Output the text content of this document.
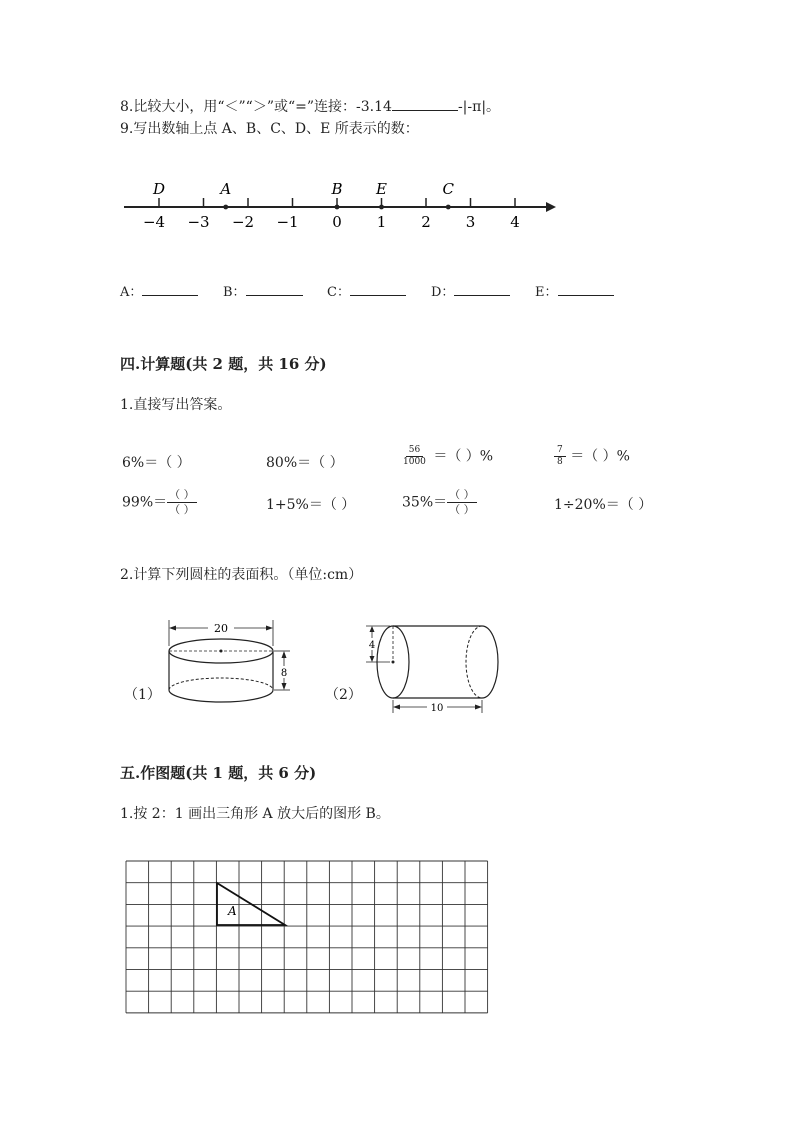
8.比较大小，用“＜”“＞”或“=”连接：-3.14	-|-π|。
9.写出数轴上点 A、B、C、D、E 所表示的数：
−4 −3 −2 −1 0 1 2 3 4
D	A	B E	C
A：	B：	C：	D：	E：
四.计算题(共 2 题，共 16 分)
1.直接写出答案。
6%＝（ ）	80%＝（ ）	$\frac{56}{1000}$ ＝（ ）%	$\frac{7}{8}$ ＝（ ）%
$99\%= \frac{( )}{( )}$	1+5%＝（ ）	$35\%= \frac{( )}{( )}$	1÷20%＝（ ）
2.计算下列圆柱的表面积。（单位:cm）
（1）
20
8
（2）
4
10
五.作图题(共 1 题，共 6 分)
1.按 2：1 画出三角形 A 放大后的图形 B。
A
